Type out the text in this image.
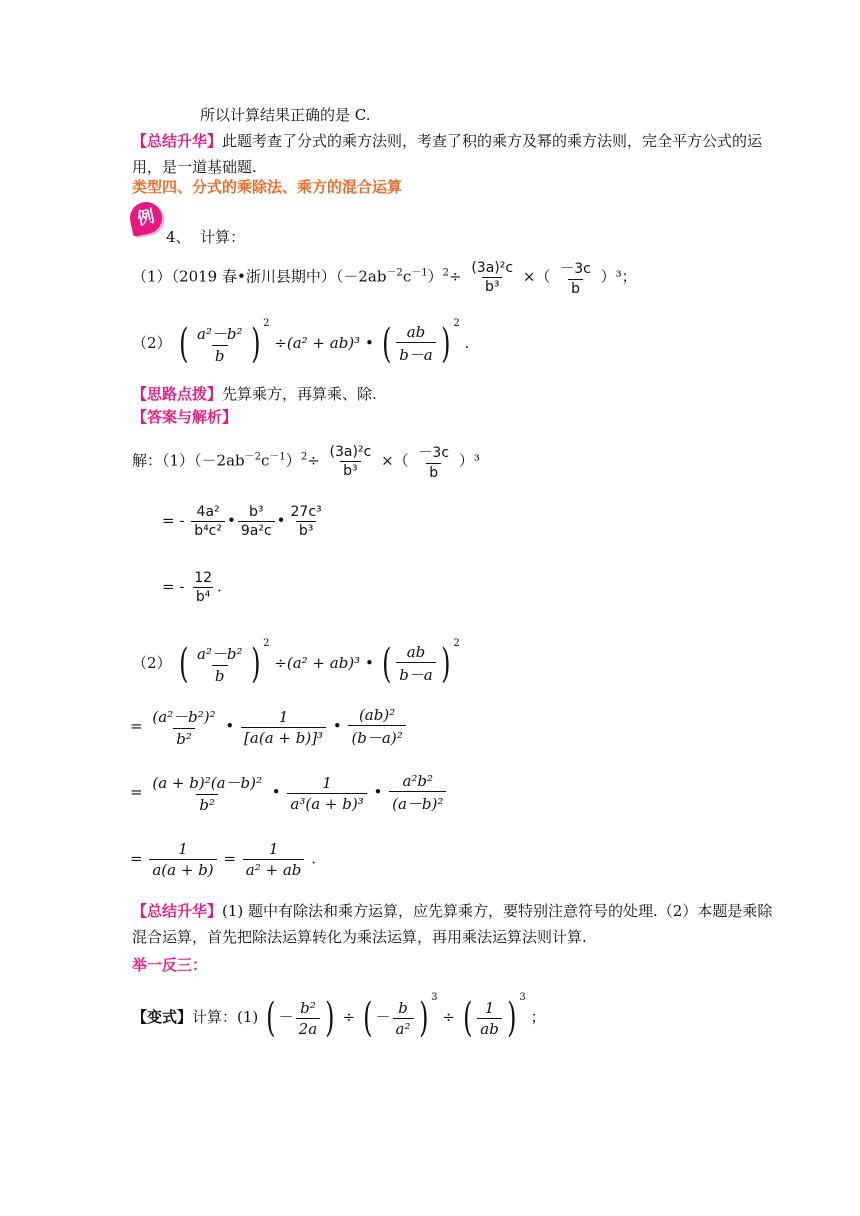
所以计算结果正确的是 C.
【总结升华】此题考查了分式的乘方法则，考查了积的乘方及幂的乘方法则，完全平方公式的运用，是一道基础题.
类型四、分式的乘除法、乘方的混合运算
例
4、 计算：
（1）（2019 春•浙川县期中）$(-2ab^{-2}c^{-1})^2\div \frac{\text{(3a)²c}}{\text{b³}}$ ×（ $\frac{-3c}{b} )^3$；
（2） ( $\frac{\text{a²－b²}}{b}$ ) $^2$ ÷(a² + ab)³ • ( $\frac{ab}{b-a}$ ) $^2$ .
【思路点拨】先算乘方，再算乘、除.
【答案与解析】
解：$(1)(-2ab^{-2}c^{-1})^2\div \frac{\text{(3a)²c}}{\text{b³}}$ ×（ $\frac{-3c}{b} )^3$
= - $\frac{\text{4a²}}{\text{b⁴c²}}$ • $\frac{\text{b³}}{\text{9a²c}}$ • $\frac{\text{27c³}}{\text{b³}}$
= - $\frac{12}{\text{b⁴}}$ .
（2） ( $\frac{\text{a²－b²}}{b}$ ) $^2$ ÷(a² + ab)³ • ( $\frac{ab}{b-a}$ ) $^2$
= $\frac{\text{(a²－b²)²}}{\text{b²}}$ • $\frac{1}{\text{[a(a + b)]³}}$ • $\frac{\text{(ab)²}}{\text{(b－a)²}}$
= $\frac{\text{(a + b)²(a－b)²}}{\text{b²}}$ • $\frac{1}{\text{a³(a + b)³}}$ • $\frac{\text{a²b²}}{\text{(a－b)²}}$
= $\frac{1}{a(a + b)} = \frac{1}{\text{a² + ab}}$ .
【总结升华】(1) 题中有除法和乘方运算，应先算乘方，要特别注意符号的处理.（2）本题是乘除混合运算，首先把除法运算转化为乘法运算，再用乘法运算法则计算.
举一反三：
【变式】计算：(1) ( － $\frac{\text{b²}}{2a}$ ) ÷ ( － $\frac{b}{\text{a²}}$ ) $^3$ ÷ ( $\frac{1}{ab}$ ) $^3$ ；
